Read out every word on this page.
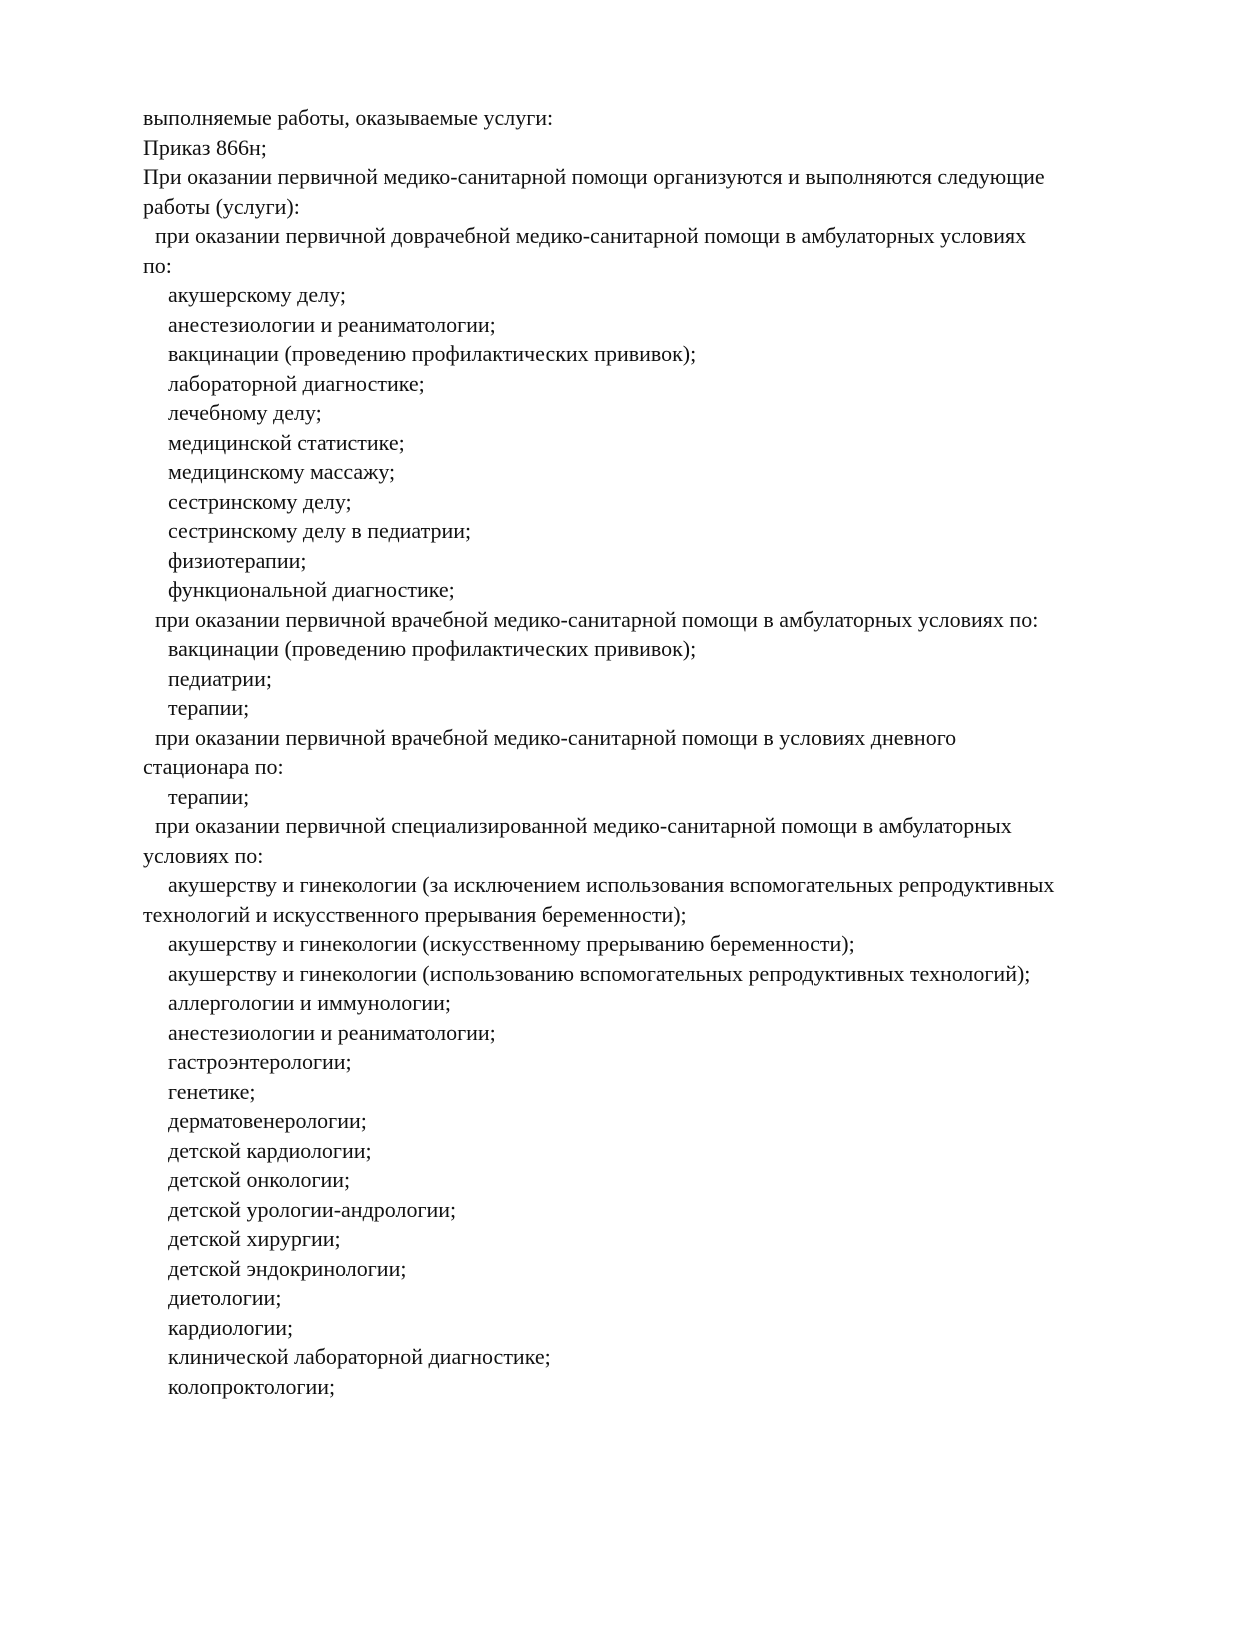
выполняемые работы, оказываемые услуги:
Приказ 866н;
При оказании первичной медико-санитарной помощи организуются и выполняются следующие
работы (услуги):
при оказании первичной доврачебной медико-санитарной помощи в амбулаторных условиях
по:
акушерскому делу;
анестезиологии и реаниматологии;
вакцинации (проведению профилактических прививок);
лабораторной диагностике;
лечебному делу;
медицинской статистике;
медицинскому массажу;
сестринскому делу;
сестринскому делу в педиатрии;
физиотерапии;
функциональной диагностике;
при оказании первичной врачебной медико-санитарной помощи в амбулаторных условиях по:
вакцинации (проведению профилактических прививок);
педиатрии;
терапии;
при оказании первичной врачебной медико-санитарной помощи в условиях дневного
стационара по:
терапии;
при оказании первичной специализированной медико-санитарной помощи в амбулаторных
условиях по:
акушерству и гинекологии (за исключением использования вспомогательных репродуктивных
технологий и искусственного прерывания беременности);
акушерству и гинекологии (искусственному прерыванию беременности);
акушерству и гинекологии (использованию вспомогательных репродуктивных технологий);
аллергологии и иммунологии;
анестезиологии и реаниматологии;
гастроэнтерологии;
генетике;
дерматовенерологии;
детской кардиологии;
детской онкологии;
детской урологии-андрологии;
детской хирургии;
детской эндокринологии;
диетологии;
кардиологии;
клинической лабораторной диагностике;
колопроктологии;
